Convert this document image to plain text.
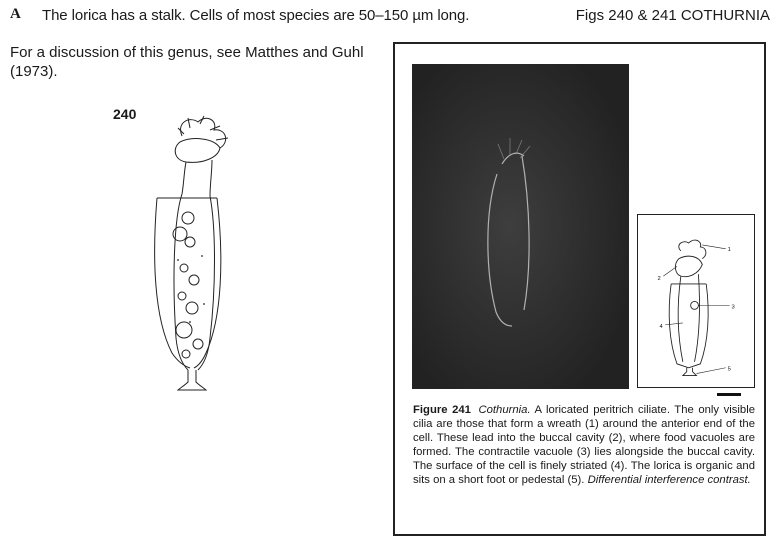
A The lorica has a stalk. Cells of most species are 50–150 µm long.	Figs 240 & 241 COTHURNIA
For a discussion of this genus, see Matthes and Guhl (1973).
240
1
2
3
4
5
Figure 241 Cothurnia. A loricated peritrich ciliate. The only visible cilia are those that form a wreath (1) around the anterior end of the cell. These lead into the buccal cavity (2), where food vacuoles are formed. The contractile vacuole (3) lies alongside the buccal cavity. The surface of the cell is finely striated (4). The lorica is organic and sits on a short foot or pedestal (5). Differential interference contrast.
